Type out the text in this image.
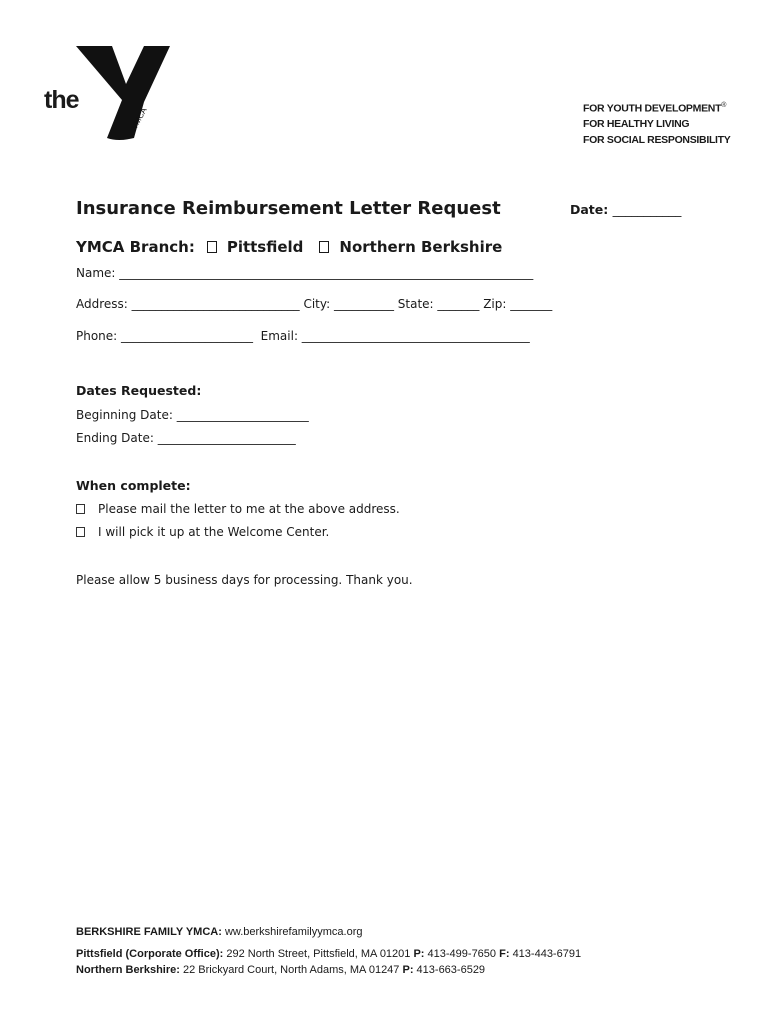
the
YMCA
®
FOR YOUTH DEVELOPMENT®
FOR HEALTHY LIVING
FOR SOCIAL RESPONSIBILITY
Insurance Reimbursement Letter Request	Date: ___________
YMCA Branch: Pittsfield Northern Berkshire
Name: _____________________________________________________________________
Address: ____________________________ City: __________ State: _______ Zip: _______
Phone: ______________________  Email: ______________________________________
Dates Requested:
Beginning Date: ______________________
Ending Date: _______________________
When complete:
Please mail the letter to me at the above address.
I will pick it up at the Welcome Center.
Please allow 5 business days for processing. Thank you.
BERKSHIRE FAMILY YMCA: ww.berkshirefamilyymca.org
Pittsfield (Corporate Office): 292 North Street, Pittsfield, MA 01201 P: 413-499-7650 F: 413-443-6791
Northern Berkshire: 22 Brickyard Court, North Adams, MA 01247 P: 413-663-6529
